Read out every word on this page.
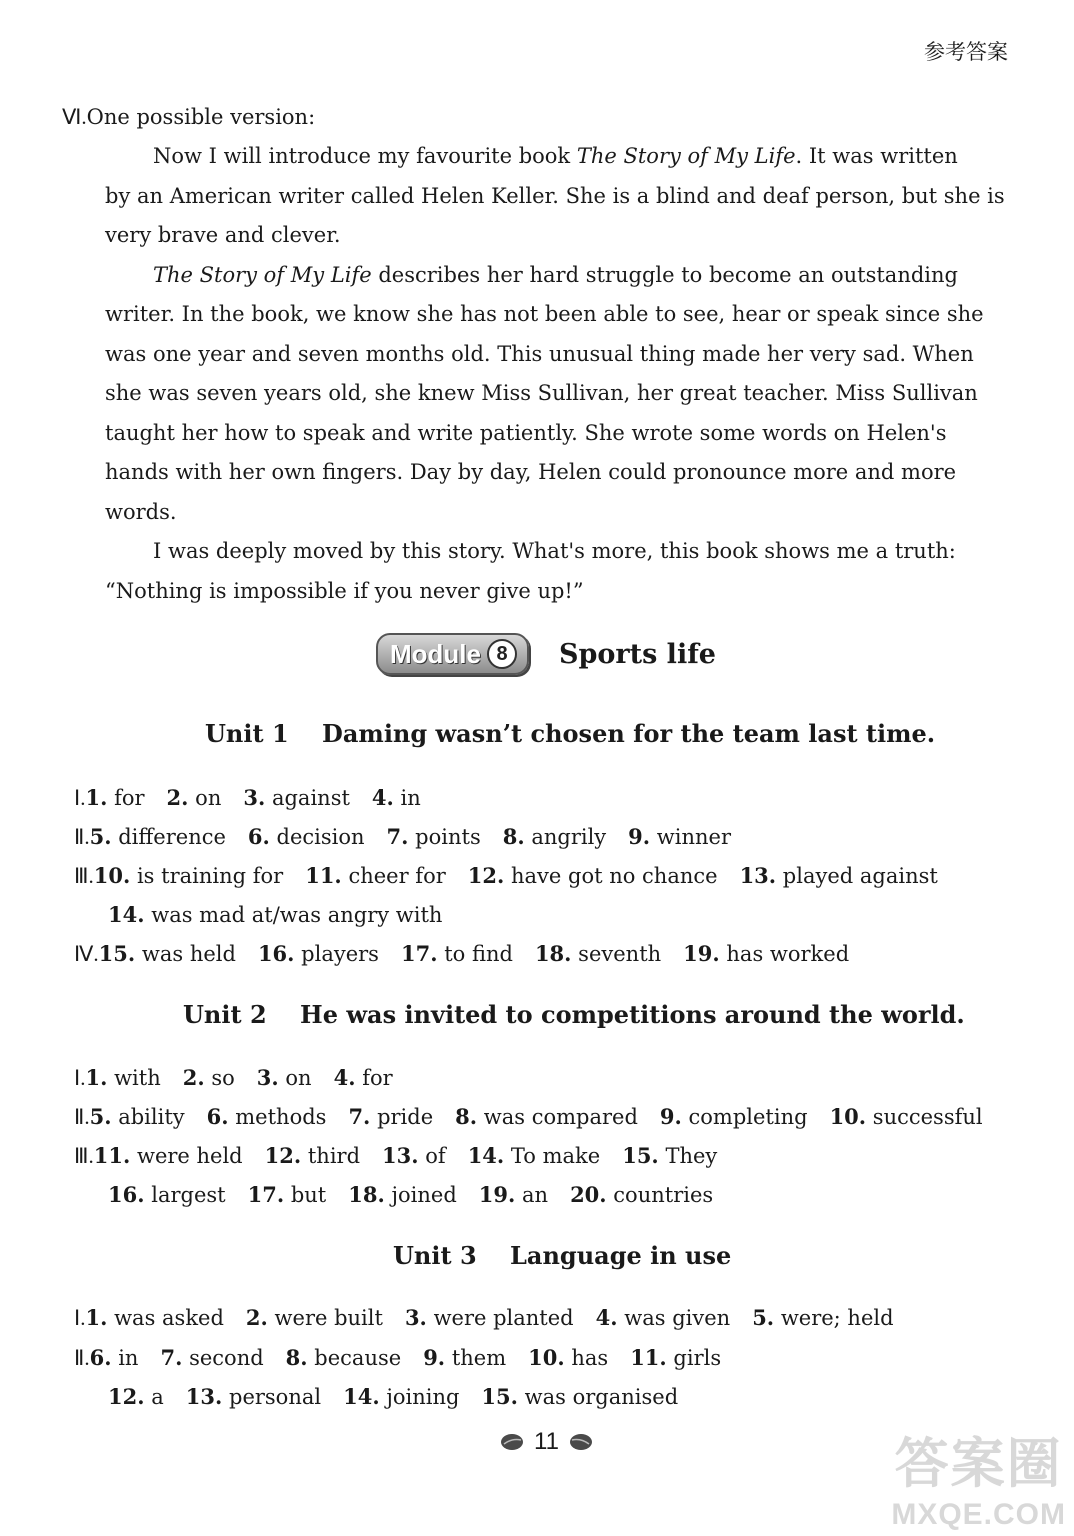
参考答案
Ⅵ.One possible version:
Now I will introduce my favourite book The Story of My Life. It was written
by an American writer called Helen Keller. She is a blind and deaf person, but she is
very brave and clever.
The Story of My Life describes her hard struggle to become an outstanding
writer. In the book, we know she has not been able to see, hear or speak since she
was one year and seven months old. This unusual thing made her very sad. When
she was seven years old, she knew Miss Sullivan, her great teacher. Miss Sullivan
taught her how to speak and write patiently. She wrote some words on Helen's
hands with her own fingers. Day by day, Helen could pronounce more and more
words.
I was deeply moved by this story. What's more, this book shows me a truth:
“Nothing is impossible if you never give up!”
Module 8	Sports life
Unit 1    Daming wasn’t chosen for the team last time.
Ⅰ.1. for 2. on 3. against 4. in
Ⅱ.5. difference 6. decision 7. points 8. angrily 9. winner
Ⅲ.10. is training for 11. cheer for 12. have got no chance 13. played against
14. was mad at/was angry with
Ⅳ.15. was held 16. players 17. to find 18. seventh 19. has worked
Unit 2    He was invited to competitions around the world.
Ⅰ.1. with 2. so 3. on 4. for
Ⅱ.5. ability 6. methods 7. pride 8. was compared 9. completing 10. successful
Ⅲ.11. were held 12. third 13. of 14. To make 15. They
16. largest 17. but 18. joined 19. an 20. countries
Unit 3    Language in use
Ⅰ.1. was asked 2. were built 3. were planted 4. was given 5. were; held
Ⅱ.6. in 7. second 8. because 9. them 10. has 11. girls
12. a 13. personal 14. joining 15. was organised
11	答案圈
MXQE.COM
